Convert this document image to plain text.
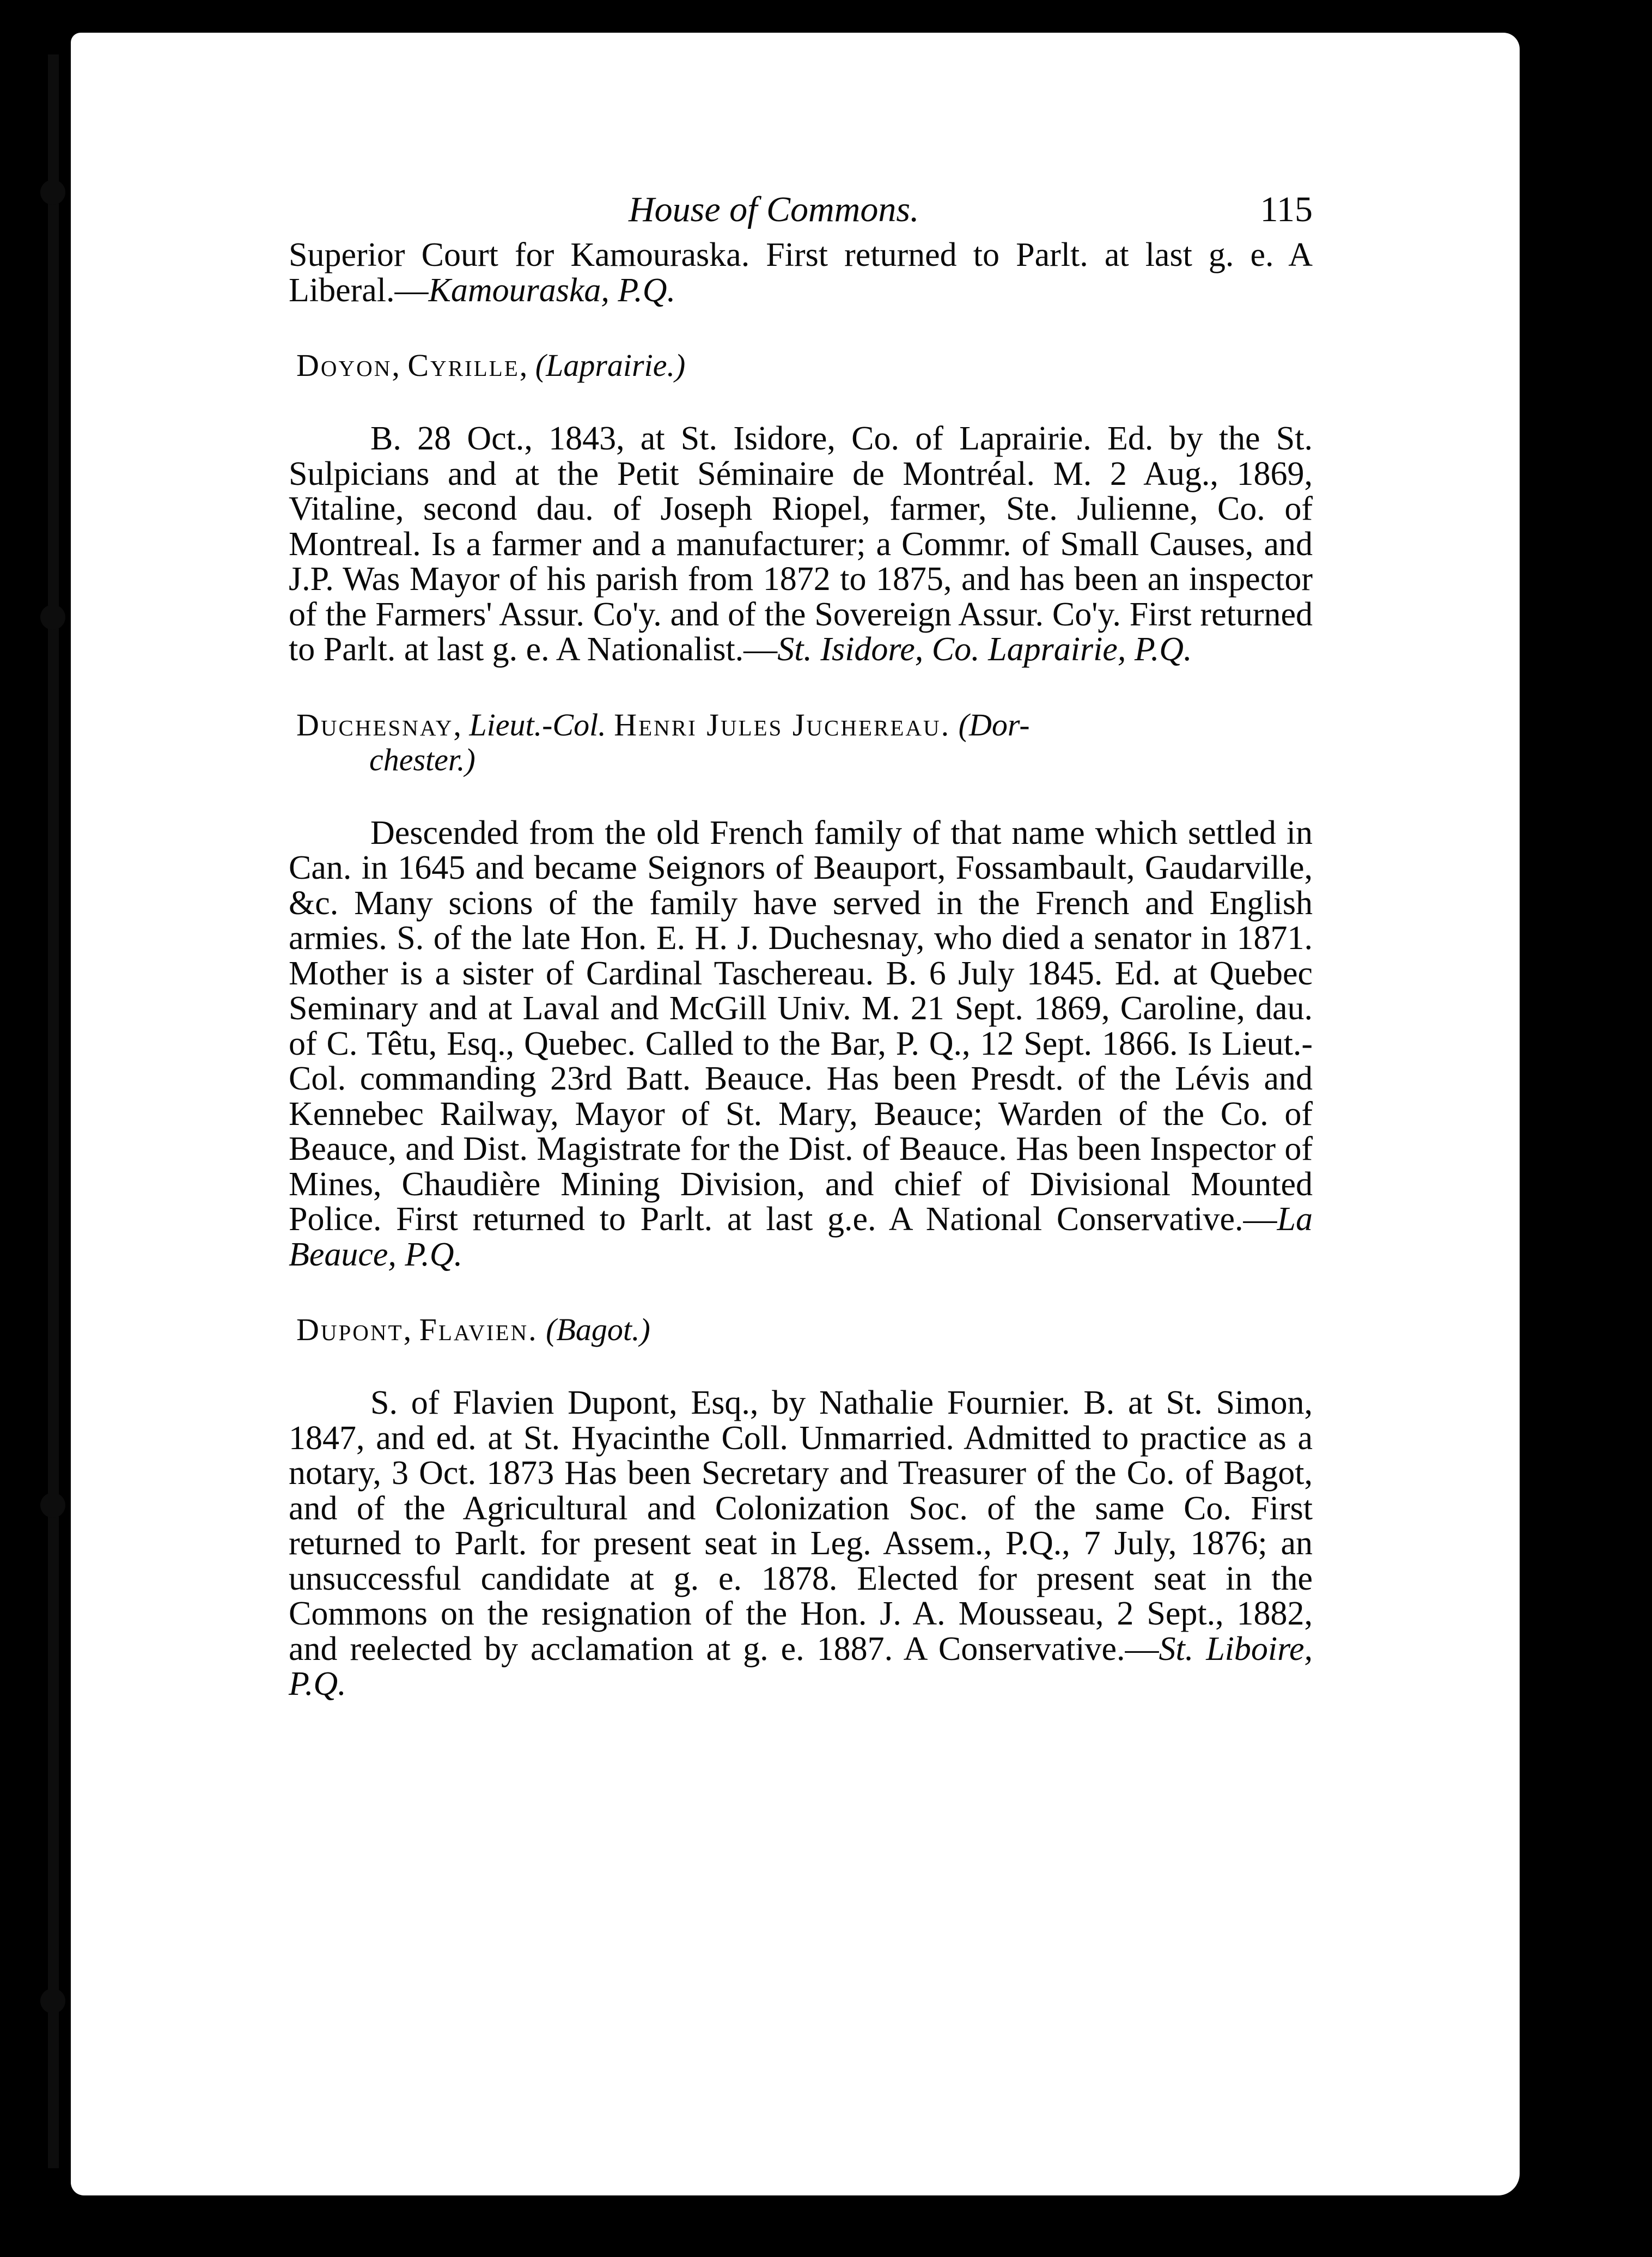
House of Commons.	115

Superior Court for Kamouraska. First returned to Parlt. at last g. e. A Liberal.—Kamouraska, P.Q.

Doyon, Cyrille, (Laprairie.)

B. 28 Oct., 1843, at St. Isidore, Co. of Laprairie. Ed. by the St. Sulpicians and at the Petit Séminaire de Montréal. M. 2 Aug., 1869, Vitaline, second dau. of Joseph Riopel, farmer, Ste. Julienne, Co. of Montreal. Is a farmer and a manufacturer; a Commr. of Small Causes, and J.P. Was Mayor of his parish from 1872 to 1875, and has been an inspector of the Farmers' Assur. Co'y. and of the Sovereign Assur. Co'y. First returned to Parlt. at last g. e. A Nationalist.—St. Isidore, Co. Laprairie, P.Q.

Duchesnay, Lieut.-Col. Henri Jules Juchereau. (Dor-
chester.)

Descended from the old French family of that name which settled in Can. in 1645 and became Seignors of Beauport, Fossambault, Gaudarville, &c. Many scions of the family have served in the French and English armies. S. of the late Hon. E. H. J. Duchesnay, who died a senator in 1871. Mother is a sister of Cardinal Taschereau. B. 6 July 1845. Ed. at Quebec Seminary and at Laval and McGill Univ. M. 21 Sept. 1869, Caroline, dau. of C. Têtu, Esq., Quebec. Called to the Bar, P. Q., 12 Sept. 1866. Is Lieut.-Col. commanding 23rd Batt. Beauce. Has been Presdt. of the Lévis and Kennebec Railway, Mayor of St. Mary, Beauce; Warden of the Co. of Beauce, and Dist. Magistrate for the Dist. of Beauce. Has been Inspector of Mines, Chaudière Mining Division, and chief of Divisional Mounted Police. First returned to Parlt. at last g.e. A National Conservative.—La Beauce, P.Q.

Dupont, Flavien. (Bagot.)

S. of Flavien Dupont, Esq., by Nathalie Fournier. B. at St. Simon, 1847, and ed. at St. Hyacinthe Coll. Unmarried. Admitted to practice as a notary, 3 Oct. 1873 Has been Secretary and Treasurer of the Co. of Bagot, and of the Agricultural and Colonization Soc. of the same Co. First returned to Parlt. for present seat in Leg. Assem., P.Q., 7 July, 1876; an unsuccessful candidate at g. e. 1878. Elected for present seat in the Commons on the resignation of the Hon. J. A. Mousseau, 2 Sept., 1882, and reelected by acclamation at g. e. 1887. A Conservative.—St. Liboire, P.Q.
